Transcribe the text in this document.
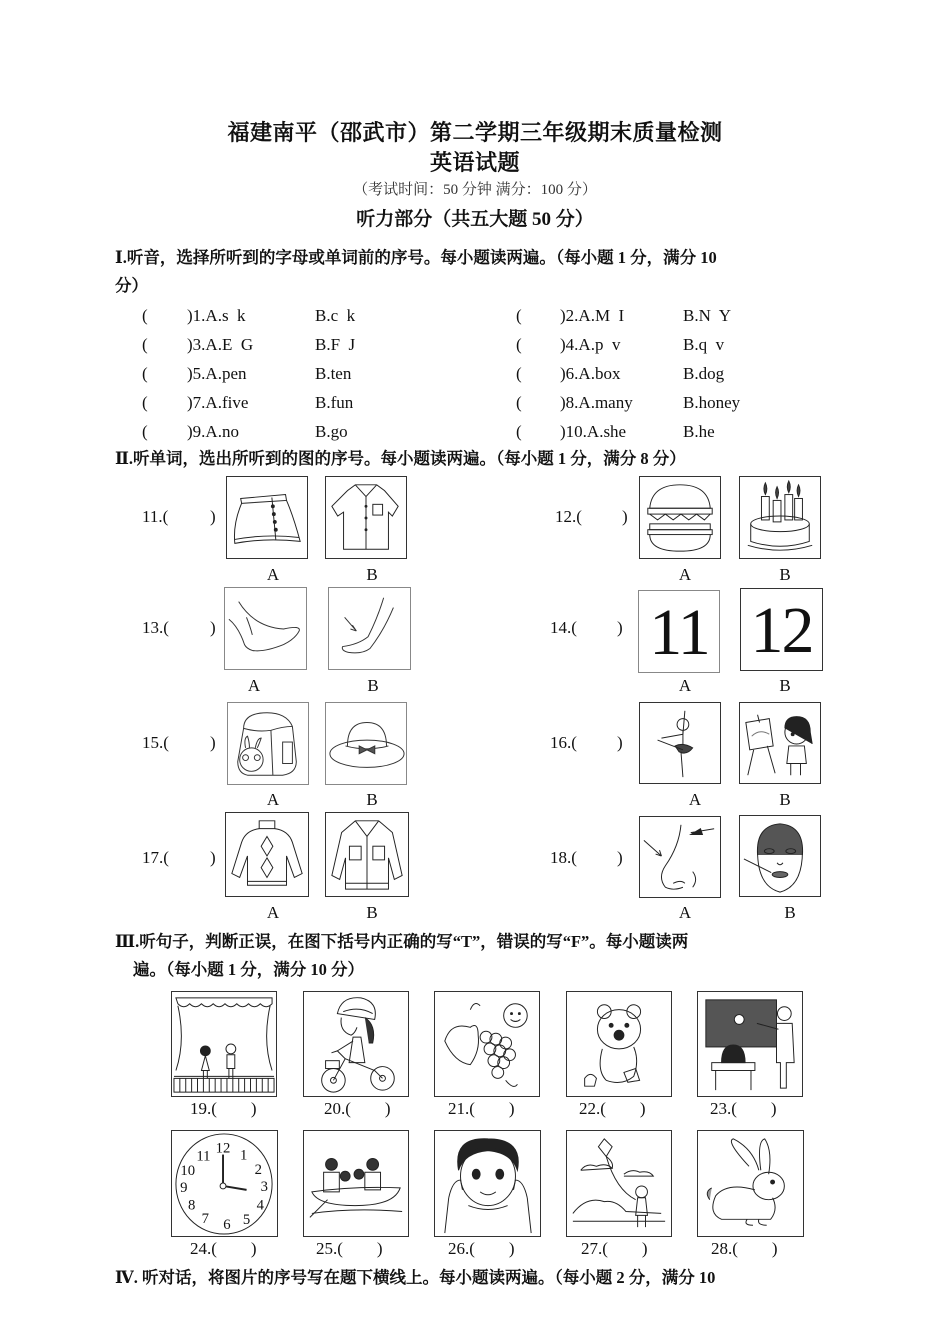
福建南平（邵武市）第二学期三年级期末质量检测
英语试题
（考试时间：50 分钟 满分：100 分）
听力部分（共五大题 50 分）
Ⅰ.听音，选择所听到的字母或单词前的序号。每小题读两遍。（每小题 1 分，满分 10
分）
( )1.A.s  k	B.c  k	( )2.A.M  I	B.N  Y
( )3.A.E  G	B.F  J	( )4.A.p  v	B.q  v
( )5.A.pen	B.ten	( )6.A.box	B.dog
( )7.A.five	B.fun	( )8.A.many	B.honey
( )9.A.no	B.go	( )10.A.she	B.he
Ⅱ.听单词，选出所听到的图的序号。每小题读两遍。（每小题 1 分，满分 8 分）
11.( )
A	B
12.( )
A	B
13.( )
A	B
14.( ) 11 12
A	B
15.( )
A	B
16.( )
A	B
17.( )
A	B
18.( )
A	B
Ⅲ.听句子，判断正误，在图下括号内正确的写“T”，错误的写“F”。每小题读两
遍。（每小题 1 分，满分 10 分）
19.(        )	20.(        )	21.(        )	22.(        )	23.(        )
12 1
2
3
4
5
6
7
8
9
10
11
24.(        )	25.(        )	26.(        )	27.(        )	28.(        )
Ⅳ. 听对话，将图片的序号写在题下横线上。每小题读两遍。（每小题 2 分，满分 10
